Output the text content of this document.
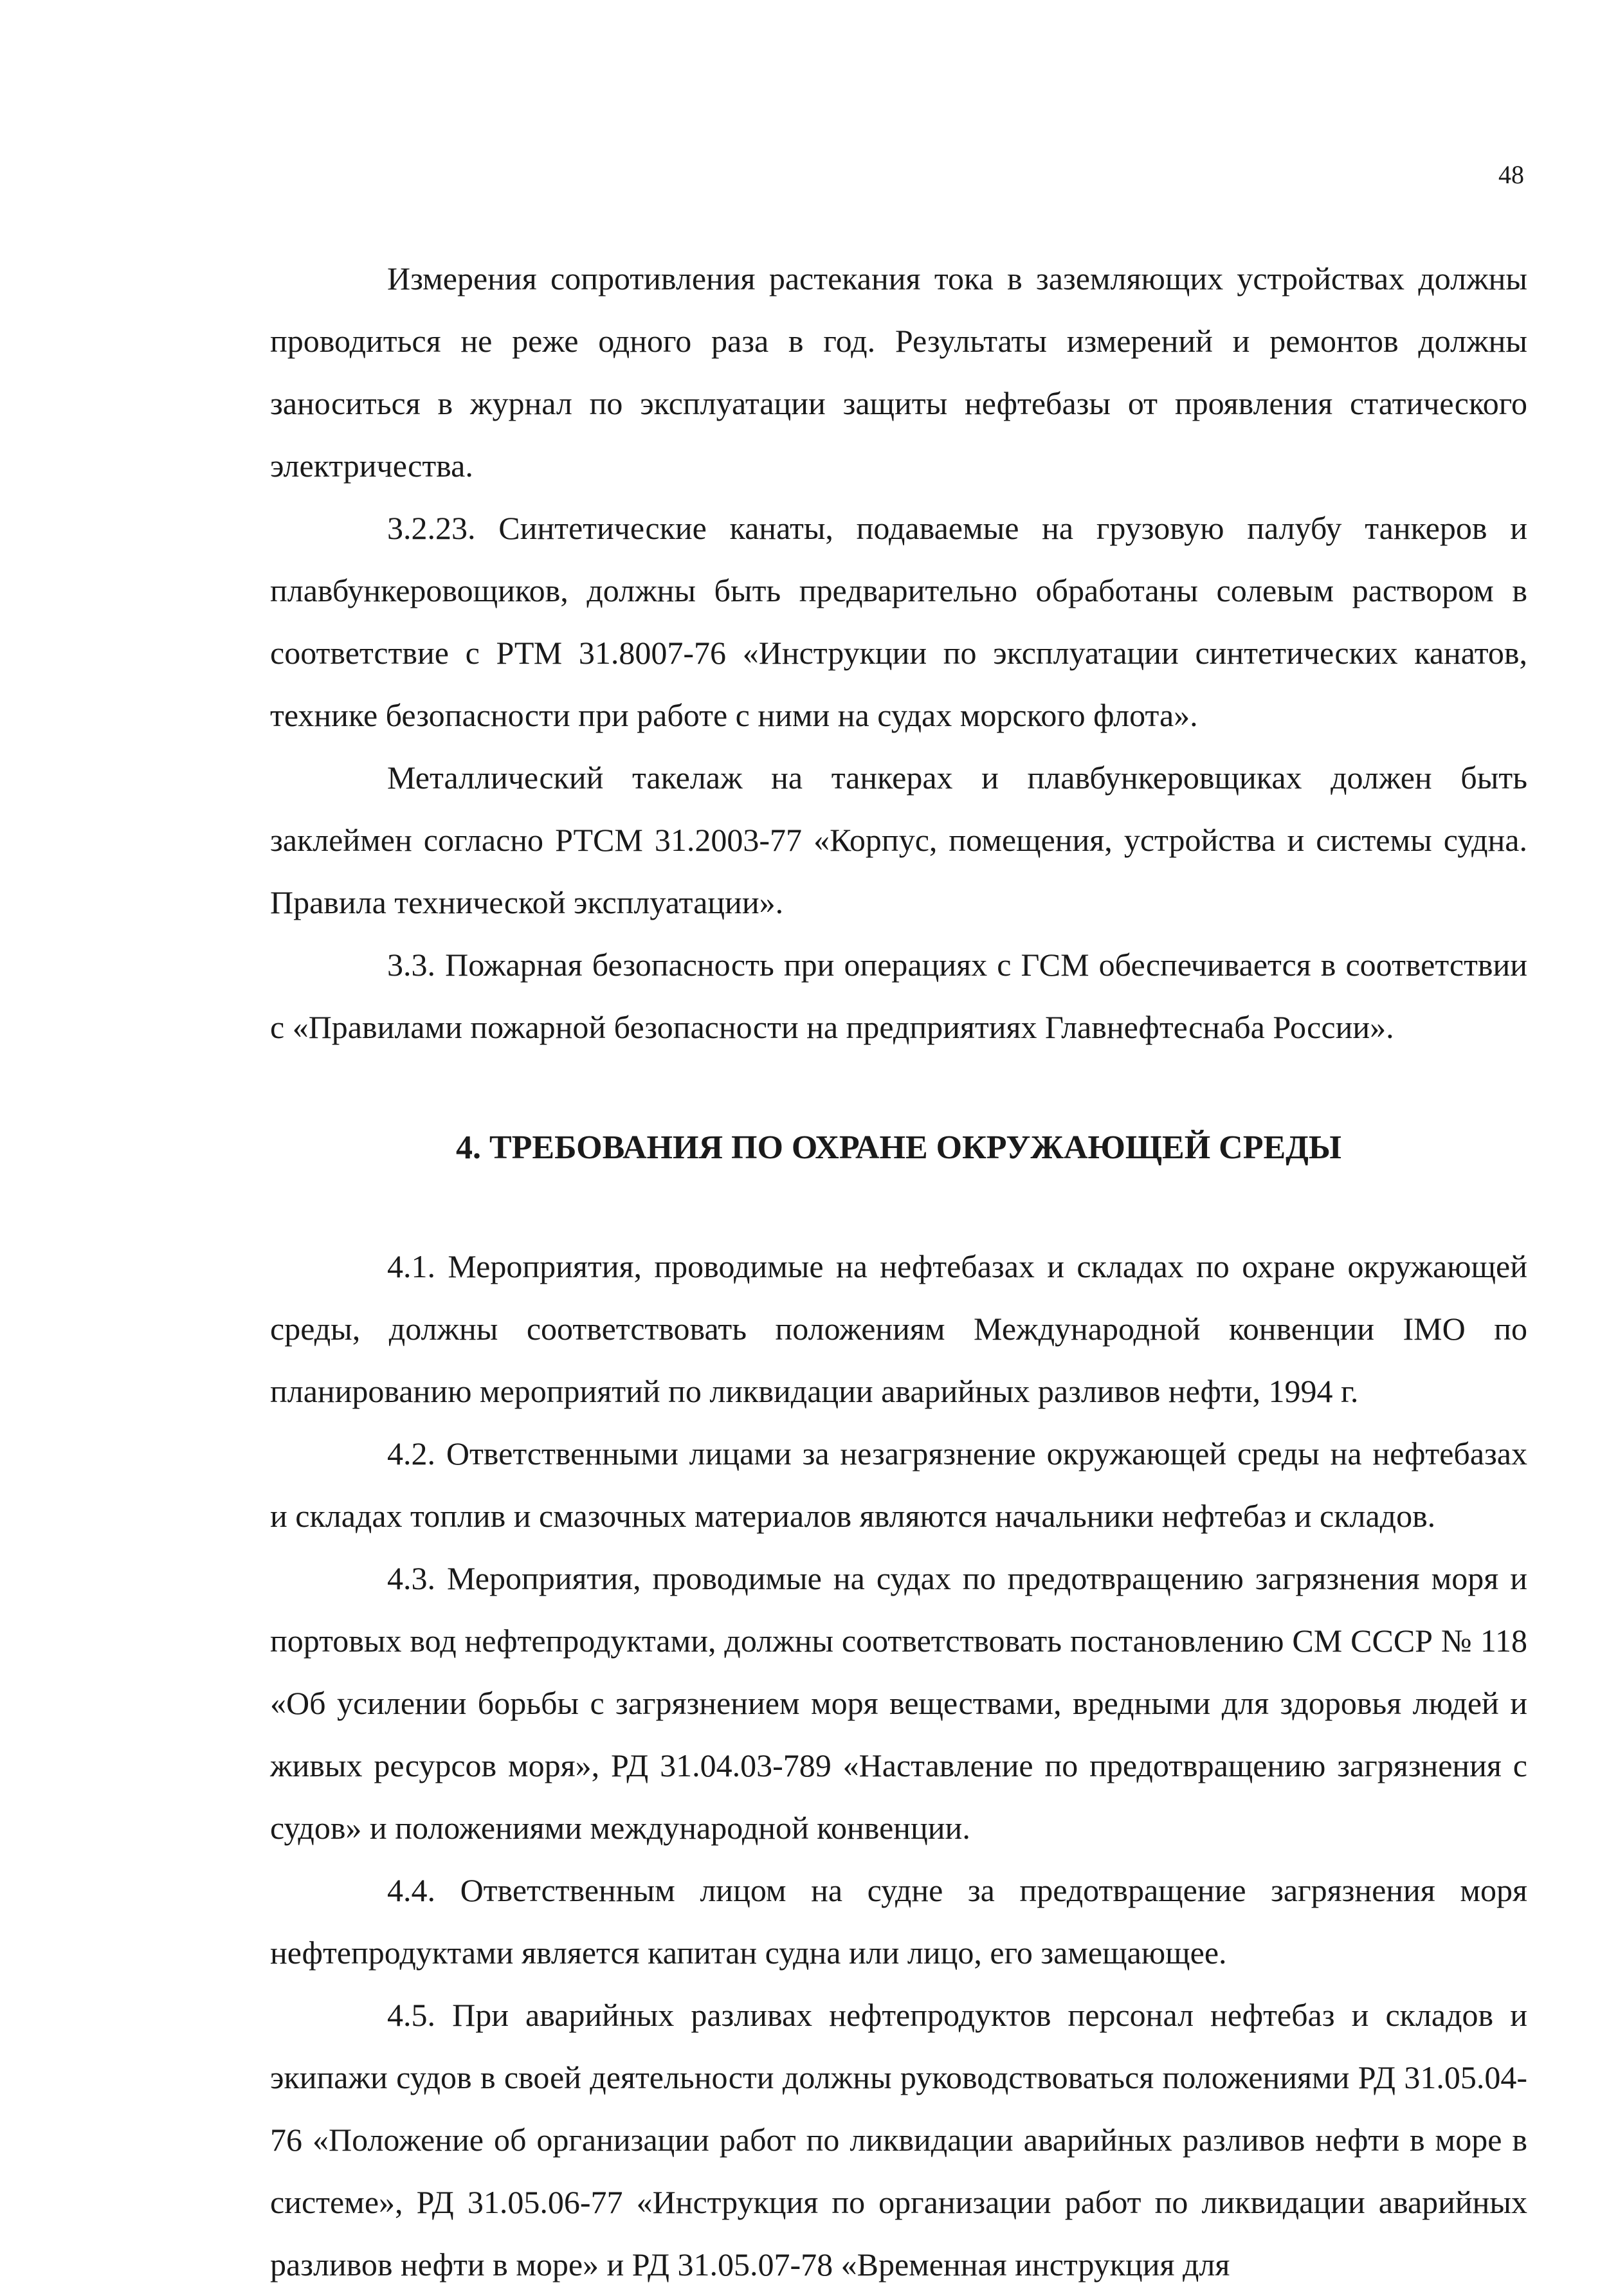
48

Измерения сопротивления растекания тока в заземляющих устройствах должны проводиться не реже одного раза в год. Результаты измерений и ремонтов должны заноситься в журнал по эксплуатации защиты нефтебазы от проявления статического электричества.

3.2.23. Синтетические канаты, подаваемые на грузовую палубу танкеров и плавбункеровощиков, должны быть предварительно обработаны солевым раствором в соответствие с РТМ 31.8007-76 «Инструкции по эксплуатации синтетических канатов, технике безопасности при работе с ними на судах морского флота».

Металлический такелаж на танкерах и плавбункеровщиках должен быть заклеймен согласно РТСМ 31.2003-77 «Корпус, помещения, устройства и системы судна. Правила технической эксплуатации».

3.3. Пожарная безопасность при операциях с ГСМ обеспечивается в соответствии с «Правилами пожарной безопасности на предприятиях Главнефтеснаба России».

4. ТРЕБОВАНИЯ ПО ОХРАНЕ ОКРУЖАЮЩЕЙ СРЕДЫ

4.1. Мероприятия, проводимые на нефтебазах и складах по охране окружающей среды, должны соответствовать положениям Международной конвенции IMO по планированию мероприятий по ликвидации аварийных разливов нефти, 1994 г.

4.2. Ответственными лицами за незагрязнение окружающей среды на нефтебазах и складах топлив и смазочных материалов являются начальники нефтебаз и складов.

4.3. Мероприятия, проводимые на судах по предотвращению загрязнения моря и портовых вод нефтепродуктами, должны соответствовать постановлению СМ СССР № 118 «Об усилении борьбы с загрязнением моря веществами, вредными для здоровья людей и живых ресурсов моря», РД 31.04.03-789 «Наставление по предотвращению загрязнения с судов» и положениями международной конвенции.

4.4. Ответственным лицом на судне за предотвращение загрязнения моря нефтепродуктами является капитан судна или лицо, его замещающее.

4.5. При аварийных разливах нефтепродуктов персонал нефтебаз и складов и экипажи судов в своей деятельности должны руководствоваться положениями РД 31.05.04-76 «Положение об организации работ по ликвидации аварийных разливов нефти в море в системе», РД 31.05.06-77 «Инструкция по организации работ по ликвидации аварийных разливов нефти в море» и РД 31.05.07-78 «Временная инструкция для
